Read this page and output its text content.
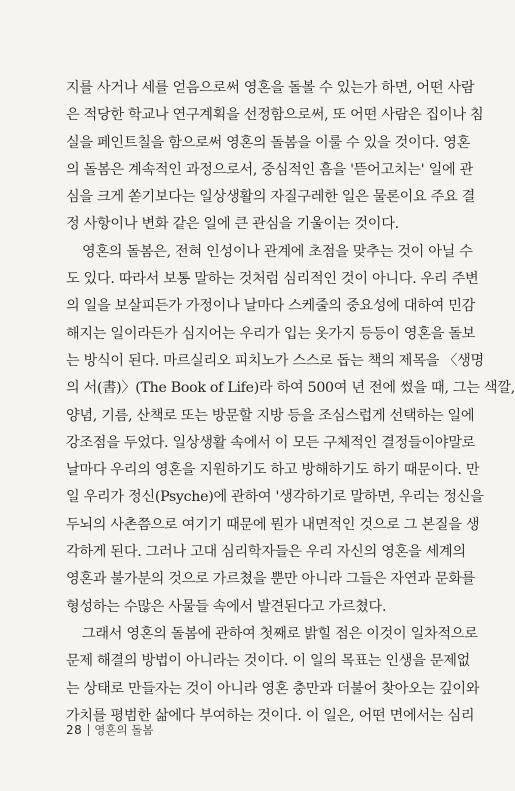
지를 사거나 세를 얻음으로써 영혼을 돌볼 수 있는가 하면, 어떤 사람
은 적당한 학교나 연구계획을 선정함으로써, 또 어떤 사람은 집이나 침
실을 페인트칠을 함으로써 영혼의 돌봄을 이룰 수 있을 것이다. 영혼
의 돌봄은 계속적인 과정으로서, 중심적인 흠을 '뜯어고치는' 일에 관
심을 크게 쏟기보다는 일상생활의 자질구레한 일은 물론이요 주요 결
정 사항이나 변화 같은 일에 큰 관심을 기울이는 것이다.
영혼의 돌봄은, 전혀 인성이나 관계에 초점을 맞추는 것이 아닐 수
도 있다. 따라서 보통 말하는 것처럼 심리적인 것이 아니다. 우리 주변
의 일을 보살피든가 가정이나 날마다 스케줄의 중요성에 대하여 민감
해지는 일이라든가 심지어는 우리가 입는 옷가지 등등이 영혼을 돌보
는 방식이 된다. 마르실리오 피치노가 스스로 돕는 책의 제목을 〈생명
의 서(書)〉(The Book of Life)라 하여 500여 년 전에 썼을 때, 그는 색깔,
양념, 기름, 산책로 또는 방문할 지방 등을 조심스럽게 선택하는 일에
강조점을 두었다. 일상생활 속에서 이 모든 구체적인 결정들이야말로
날마다 우리의 영혼을 지원하기도 하고 방해하기도 하기 때문이다. 만
일 우리가 정신(Psyche)에 관하여 '생각하기로 말하면, 우리는 정신을
두뇌의 사촌쯤으로 여기기 때문에 뭔가 내면적인 것으로 그 본질을 생
각하게 된다. 그러나 고대 심리학자들은 우리 자신의 영혼을 세계의
영혼과 불가분의 것으로 가르쳤을 뿐만 아니라 그들은 자연과 문화를
형성하는 수많은 사물들 속에서 발견된다고 가르쳤다.
그래서 영혼의 돌봄에 관하여 첫째로 밝힐 점은 이것이 일차적으로
문제 해결의 방법이 아니라는 것이다. 이 일의 목표는 인생을 문제없
는 상태로 만들자는 것이 아니라 영혼 충만과 더불어 찾아오는 깊이와
가치를 평범한 삶에다 부여하는 것이다. 이 일은, 어떤 면에서는 심리
28 영혼의 돌봄
